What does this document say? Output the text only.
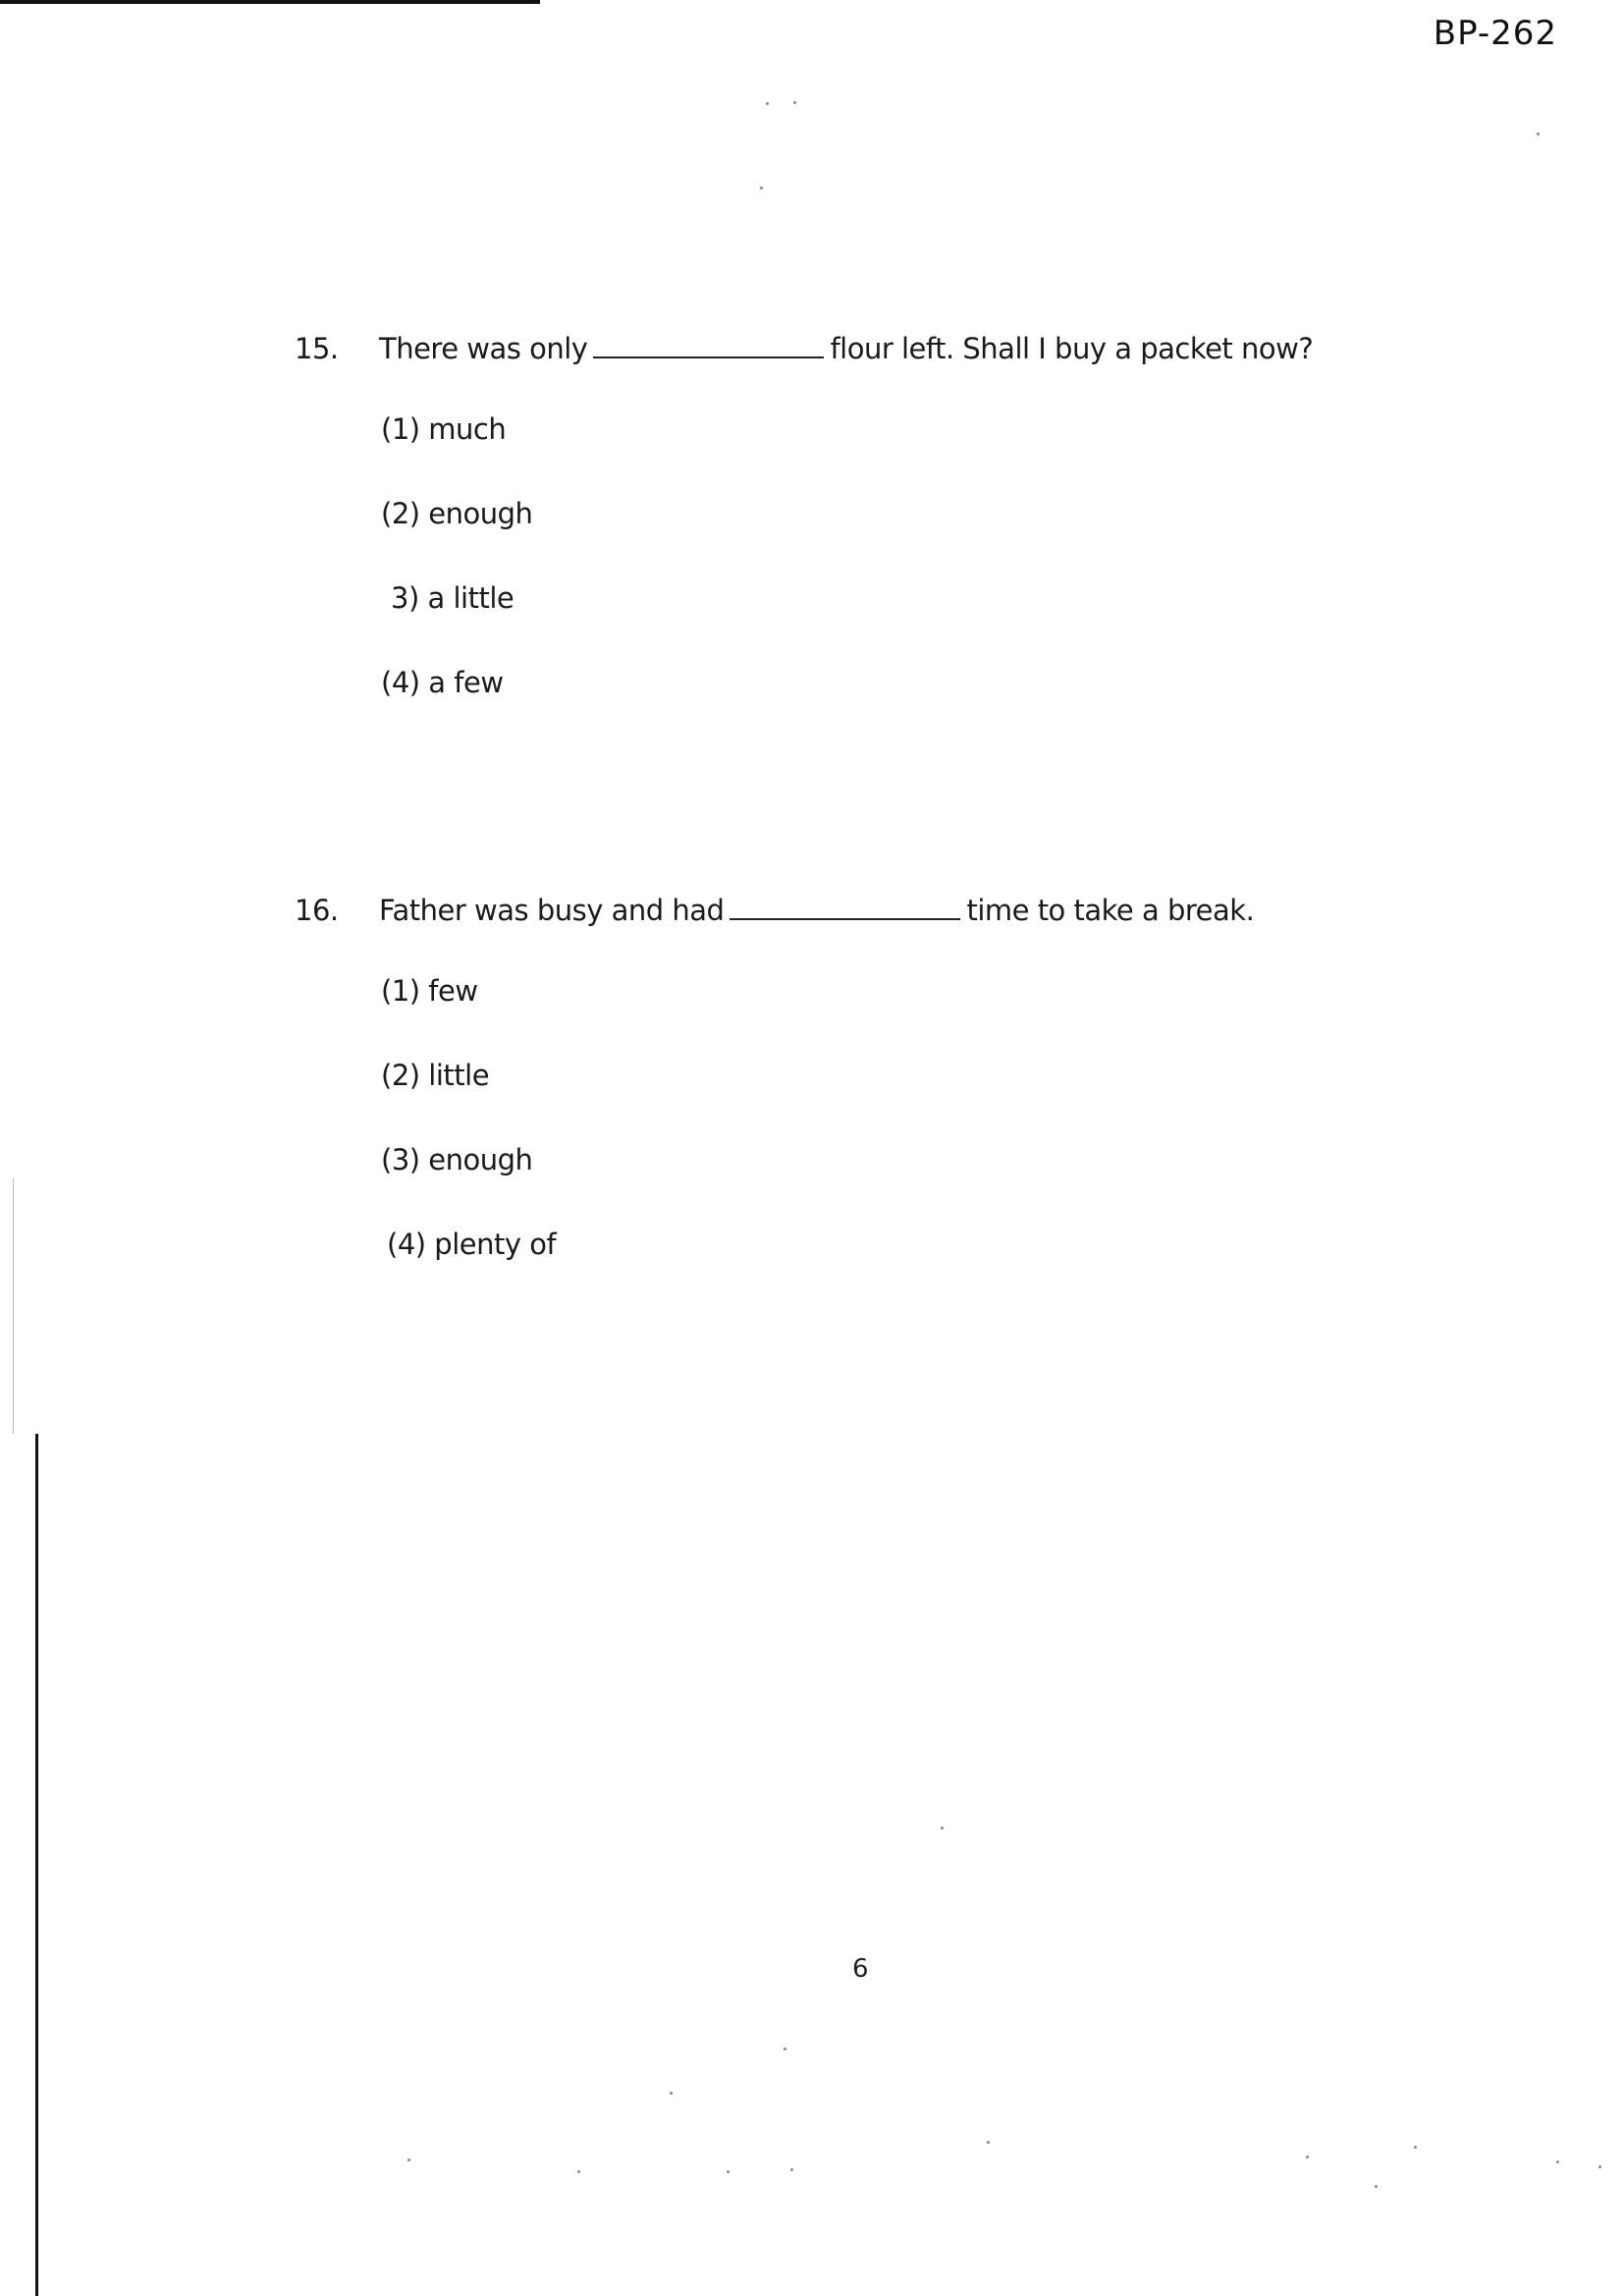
BP-262
15.	There was only	flour left. Shall I buy a packet now?
(1) much
(2) enough
3) a little
(4) a few
16.	Father was busy and had	time to take a break.
(1) few
(2) little
(3) enough
(4) plenty of
6
